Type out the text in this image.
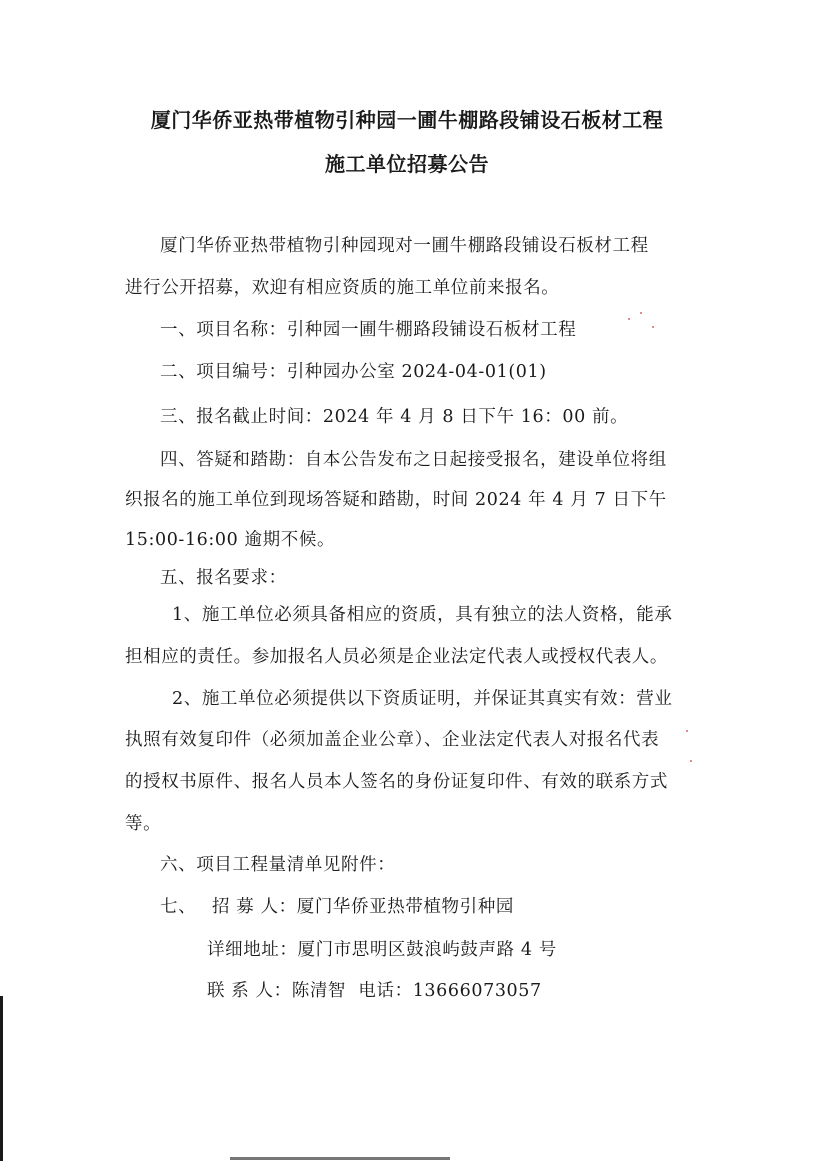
厦门华侨亚热带植物引种园一圃牛棚路段铺设石板材工程
施工单位招募公告
厦门华侨亚热带植物引种园现对一圃牛棚路段铺设石板材工程
进行公开招募，欢迎有相应资质的施工单位前来报名。
一、项目名称：引种园一圃牛棚路段铺设石板材工程
二、项目编号：引种园办公室 2024-04-01(01)
三、报名截止时间：2024 年 4 月 8 日下午 16：00 前。
四、答疑和踏勘：自本公告发布之日起接受报名，建设单位将组
织报名的施工单位到现场答疑和踏勘，时间 2024 年 4 月 7 日下午
15:00-16:00 逾期不候。
五、报名要求：
1、施工单位必须具备相应的资质，具有独立的法人资格，能承
担相应的责任。参加报名人员必须是企业法定代表人或授权代表人。
2、施工单位必须提供以下资质证明，并保证其真实有效：营业
执照有效复印件（必须加盖企业公章）、企业法定代表人对报名代表
的授权书原件、报名人员本人签名的身份证复印件、有效的联系方式
等。
六、项目工程量清单见附件：
七、 招 募 人：厦门华侨亚热带植物引种园
详细地址：厦门市思明区鼓浪屿鼓声路 4 号
联 系 人：陈清智 电话：13666073057
